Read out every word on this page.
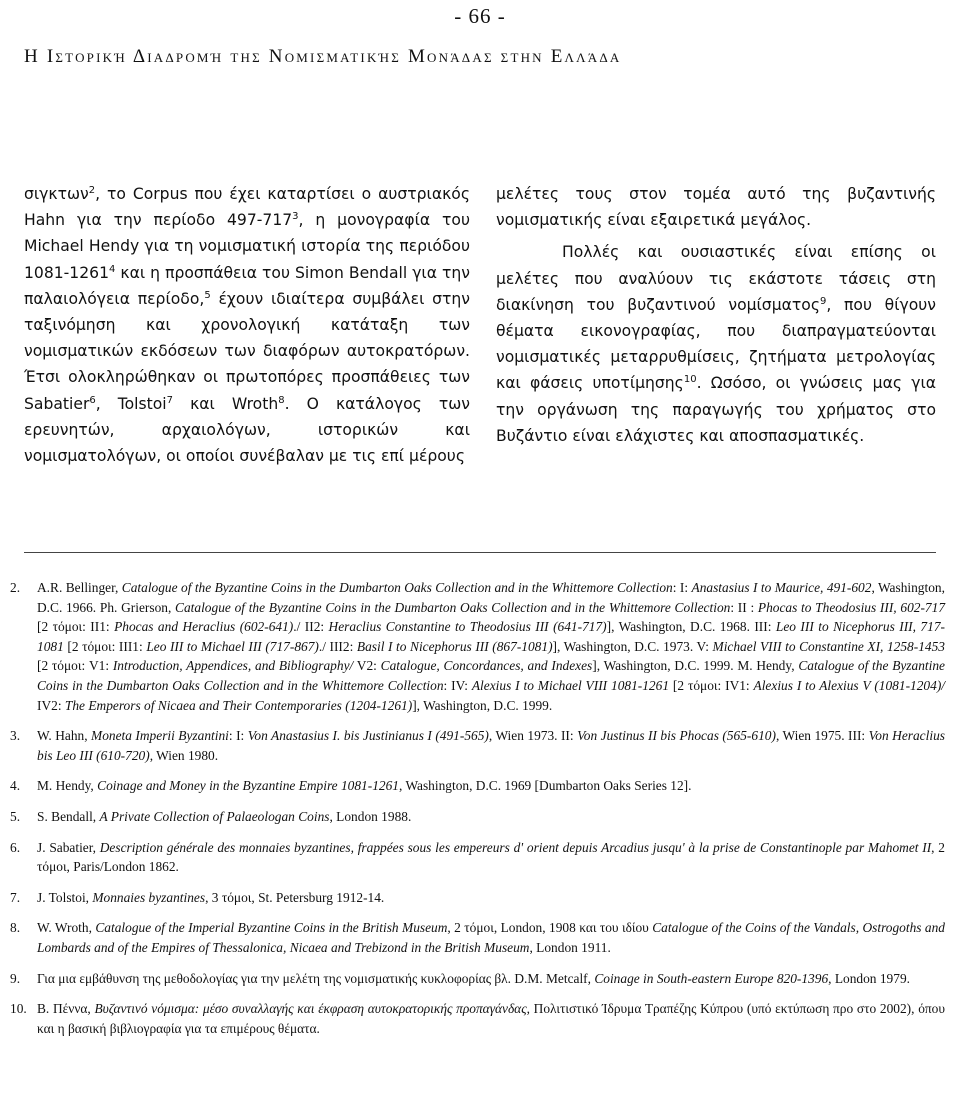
- 66 -
Η Ιστορική Διαδρομή της Νομισματικής Μονάδας στην Ελλάδα

σιγκτων$^2$, το Corpus που έχει καταρτίσει ο αυστριακός Hahn για την περίοδο $497-717^3$, η μονογραφία του Michael Hendy για τη νομισματική ιστορία της περιόδου 1081-1261$^4$ και η προσπάθεια του Simon Bendall για την παλαιολόγεια περίοδο,$^5$ έχουν ιδιαίτερα συμβάλει στην ταξινόμηση και χρονολογική κατάταξη των νομισματικών εκδόσεων των διαφόρων αυτοκρατόρων. Έτσι ολοκληρώθηκαν οι πρωτοπόρες προσπάθειες των Sabatier$^6$, Tolstoi$^7$ και Wroth$^8$. Ο κατάλογος των ερευνητών, αρχαιολόγων, ιστορικών και νομισματολόγων, οι οποίοι συνέβαλαν με τις επί μέρους

μελέτες τους στον τομέα αυτό της βυζαντινής νομισματικής είναι εξαιρετικά μεγάλος.

Πολλές και ουσιαστικές είναι επίσης οι μελέτες που αναλύουν τις εκάστοτε τάσεις στη διακίνηση του βυζαντινού νομίσματος$^9$, που θίγουν θέματα εικονογραφίας, που διαπραγματεύονται νομισματικές μεταρρυθμίσεις, ζητήματα μετρολογίας και φάσεις υποτίμησης$^{10}$. Ωσόσο, οι γνώσεις μας για την οργάνωση της παραγωγής του χρήματος στο Βυζάντιο είναι ελάχιστες και αποσπασματικές.

2.	A.R. Bellinger, Catalogue of the Byzantine Coins in the Dumbarton Oaks Collection and in the Whittemore Collection: I: Anastasius I to Maurice, 491-602, Washington, D.C. 1966. Ph. Grierson, Catalogue of the Byzantine Coins in the Dumbarton Oaks Collection and in the Whittemore Collection: II : Phocas to Theodosius III, 602-717 [2 τόμοι: II1: Phocas and Heraclius (602-641)./ II2: Heraclius Constantine to Theodosius III (641-717)], Washington, D.C. 1968. III: Leo III to Nicephorus III, 717-1081 [2 τόμοι: III1: Leo III to Michael III (717-867)./ III2: Basil I to Nicephorus III (867-1081)], Washington, D.C. 1973. V: Michael VIII to Constantine XI, 1258-1453 [2 τόμοι: V1: Introduction, Appendices, and Bibliography/ V2: Catalogue, Concordances, and Indexes], Washington, D.C. 1999. M. Hendy, Catalogue of the Byzantine Coins in the Dumbarton Oaks Collection and in the Whittemore Collection: IV: Alexius I to Michael VIII 1081-1261 [2 τόμοι: IV1: Alexius I to Alexius V (1081-1204)/ IV2: The Emperors of Nicaea and Their Contemporaries (1204-1261)], Washington, D.C. 1999.
3.	W. Hahn, Moneta Imperii Byzantini: I: Von Anastasius I. bis Justinianus I (491-565), Wien 1973. II: Von Justinus II bis Phocas (565-610), Wien 1975. III: Von Heraclius bis Leo III (610-720), Wien 1980.
4.	M. Hendy, Coinage and Money in the Byzantine Empire 1081-1261, Washington, D.C. 1969 [Dumbarton Oaks Series 12].
5.	S. Bendall, A Private Collection of Palaeologan Coins, London 1988.
6.	J. Sabatier, Description générale des monnaies byzantines, frappées sous les empereurs d' orient depuis Arcadius jusqu' à la prise de Constantinople par Mahomet II, 2 τόμοι, Paris/London 1862.
7.	J. Tolstoi, Monnaies byzantines, 3 τόμοι, St. Petersburg 1912-14.
8.	W. Wroth, Catalogue of the Imperial Byzantine Coins in the British Museum, 2 τόμοι, London, 1908 και του ιδίου Catalogue of the Coins of the Vandals, Ostrogoths and Lombards and of the Empires of Thessalonica, Nicaea and Trebizond in the British Museum, London 1911.
9.	Για μια εμβάθυνση της μεθοδολογίας για την μελέτη της νομισματικής κυκλοφορίας βλ. D.M. Metcalf, Coinage in South-eastern Europe 820-1396, London 1979.
10. Β. Πέννα, Βυζαντινό νόμισμα: μέσο συναλλαγής και έκφραση αυτοκρατορικής προπαγάνδας, Πολιτιστικό Ίδρυμα Τραπέζης Κύπρου (υπό εκτύπωση προ στο 2002), όπου και η βασική βιβλιογραφία για τα επιμέρους θέματα.
